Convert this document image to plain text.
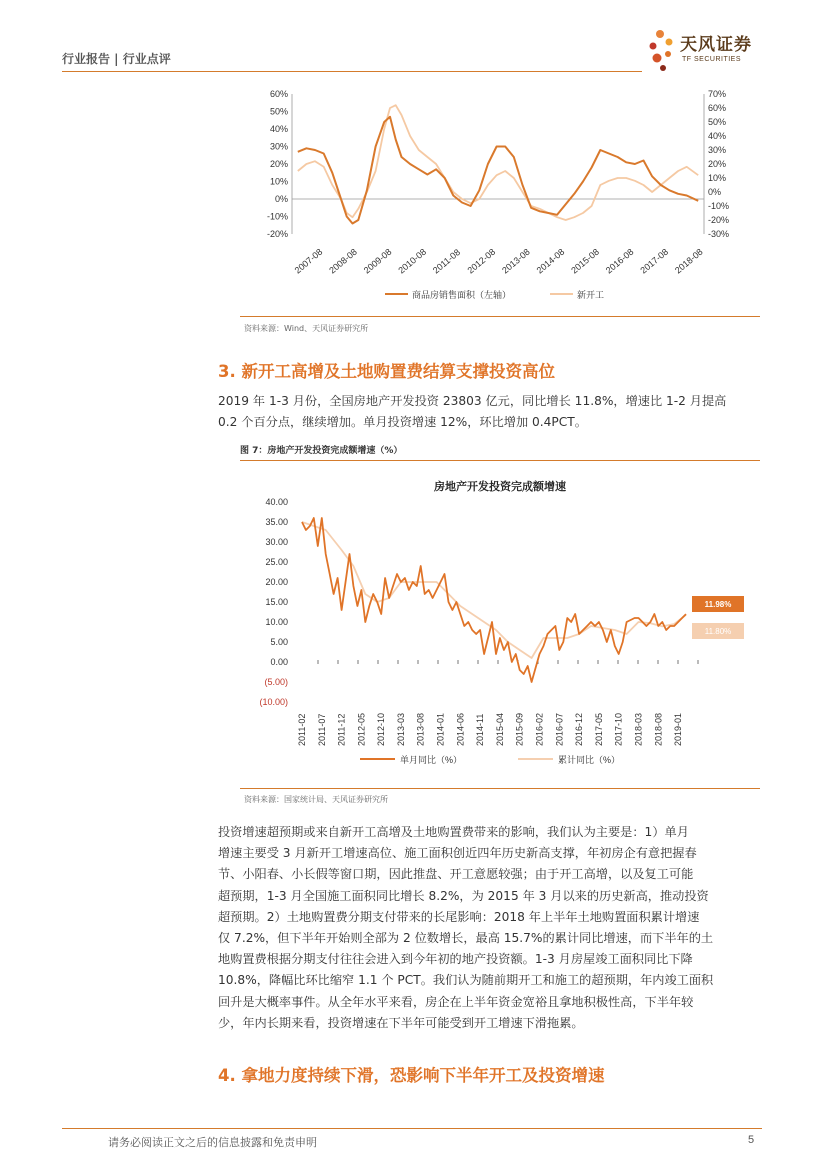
行业报告 | 行业点评
天风证券
TF SECURITIES
60%
50%
40%
30%
20%
10%
0%
-10%
-20%
70%
60%
50%
40%
30%
20%
10%
0%
-10%
-20%
-30%
2007-08 2008-08 2009-08 2010-08 2011-08 2012-08 2013-08 2014-08 2015-08 2016-08 2017-08 2018-08
商品房销售面积（左轴）	新开工
资料来源：Wind、天风证券研究所
3. 新开工高增及土地购置费结算支撑投资高位
2019 年 1-3 月份，全国房地产开发投资 23803 亿元，同比增长 11.8%，增速比 1-2 月提高
0.2 个百分点，继续增加。单月投资增速 12%，环比增加 0.4PCT。
图 7：房地产开发投资完成额增速（%）
房地产开发投资完成额增速
40.00
35.00
30.00
25.00
20.00
15.00
10.00
5.00
0.00
(5.00)
(10.00)
2011-02 2011-07 2011-12 2012-05 2012-10 2013-03 2013-08 2014-01 2014-06 2014-11 2015-04 2015-09 2016-02 2016-07 2016-12 2017-05 2017-10 2018-03 2018-08 2019-01
11.98%
11.80%
单月同比（%）	累计同比（%）
资料来源：国家统计局、天风证券研究所
投资增速超预期或来自新开工高增及土地购置费带来的影响，我们认为主要是：1）单月
增速主要受 3 月新开工增速高位、施工面积创近四年历史新高支撑，年初房企有意把握春
节、小阳春、小长假等窗口期，因此推盘、开工意愿较强；由于开工高增，以及复工可能
超预期，1-3 月全国施工面积同比增长 8.2%，为 2015 年 3 月以来的历史新高，推动投资
超预期。2）土地购置费分期支付带来的长尾影响：2018 年上半年土地购置面积累计增速
仅 7.2%，但下半年开始则全部为 2 位数增长，最高 15.7%的累计同比增速，而下半年的土
地购置费根据分期支付往往会进入到今年初的地产投资额。1-3 月房屋竣工面积同比下降
10.8%，降幅比环比缩窄 1.1 个 PCT。我们认为随前期开工和施工的超预期，年内竣工面积
回升是大概率事件。从全年水平来看，房企在上半年资金宽裕且拿地积极性高，下半年较
少，年内长期来看，投资增速在下半年可能受到开工增速下滑拖累。
4. 拿地力度持续下滑，恐影响下半年开工及投资增速
请务必阅读正文之后的信息披露和免责申明	5
